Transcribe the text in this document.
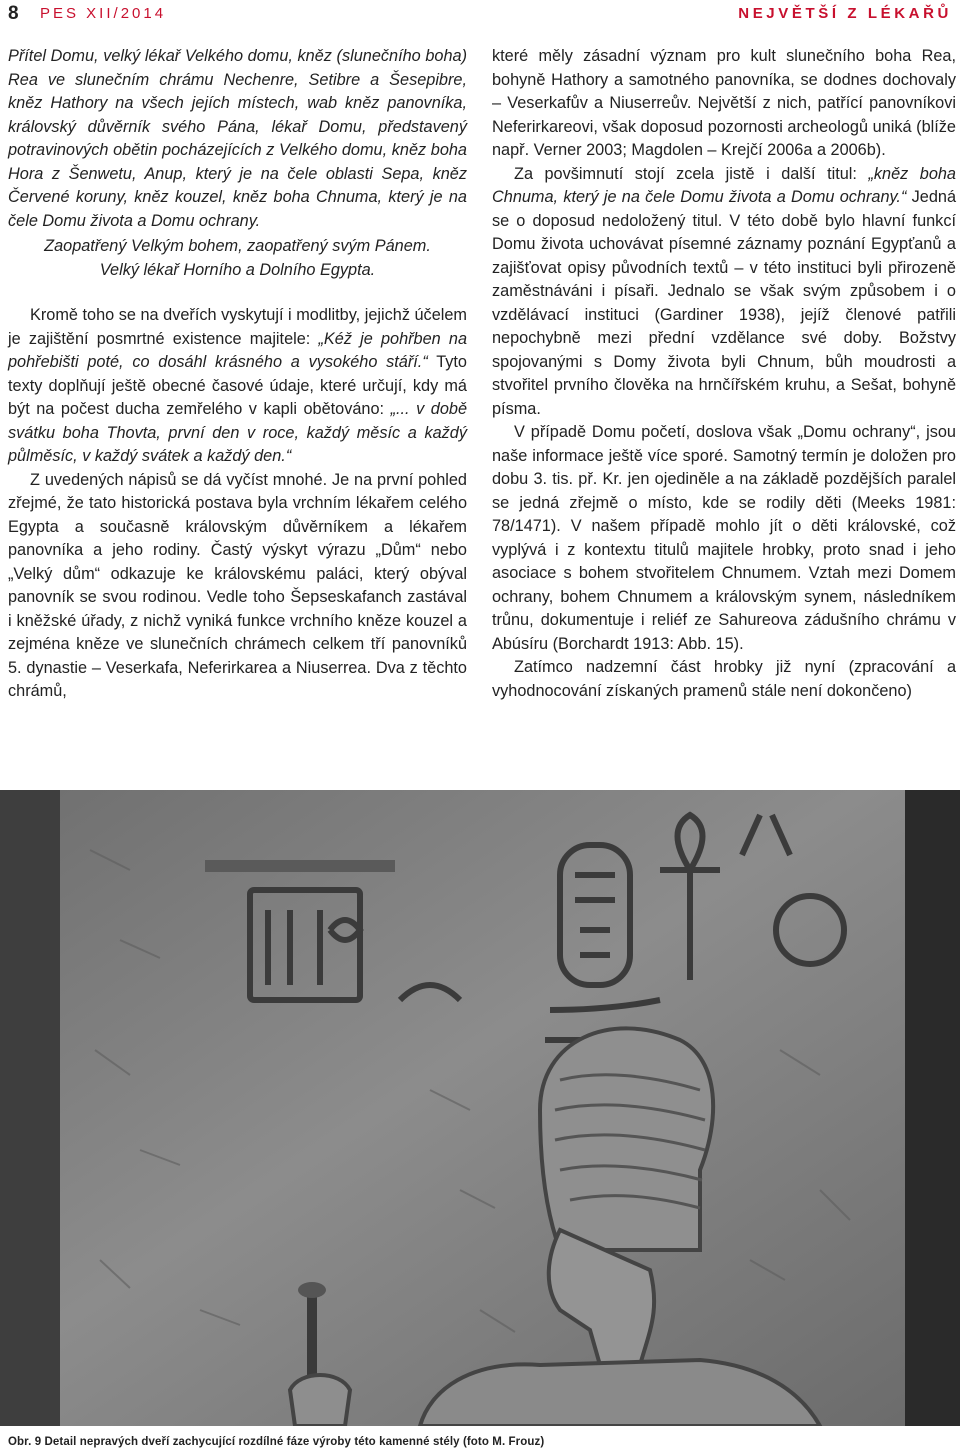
8 PES XII/2014	NEJVĚTŠÍ Z LÉKAŘŮ

Přítel Domu, velký lékař Velkého domu, kněz (slunečního boha) Rea ve slunečním chrámu Nechenre, Setibre a Šesepibre, kněz Hathory na všech jejích místech, wab kněz panovníka, královský důvěrník svého Pána, lékař Domu, představený potravinových obětin pocházejících z Velkého domu, kněz boha Hora z Šenwetu, Anup, který je na čele oblasti Sepa, kněz Červené koruny, kněz kouzel, kněz boha Chnuma, který je na čele Domu života a Domu ochrany.

Zaopatřený Velkým bohem, zaopatřený svým Pánem.

Velký lékař Horního a Dolního Egypta.

Kromě toho se na dveřích vyskytují i modlitby, jejichž účelem je zajištění posmrtné existence majitele: „Kéž je pohřben na pohřebišti poté, co dosáhl krásného a vysokého stáří.“ Tyto texty doplňují ještě obecné časové údaje, které určují, kdy má být na počest ducha zemřelého v kapli obětováno: „... v době svátku boha Thovta, první den v roce, každý měsíc a každý půlměsíc, v každý svátek a každý den.“

Z uvedených nápisů se dá vyčíst mnohé. Je na první pohled zřejmé, že tato historická postava byla vrchním lékařem celého Egypta a současně královským důvěrníkem a lékařem panovníka a jeho rodiny. Častý výskyt výrazu „Dům“ nebo „Velký dům“ odkazuje ke královskému paláci, který obýval panovník se svou rodinou. Vedle toho Šepseskafanch zastával i kněžské úřady, z nichž vyniká funkce vrchního kněze kouzel a zejména kněze ve slunečních chrámech celkem tří panovníků 5. dynastie – Veserkafa, Neferirkarea a Niuserrea. Dva z těchto chrámů,

které měly zásadní význam pro kult slunečního boha Rea, bohyně Hathory a samotného panovníka, se dodnes dochovaly – Veserkafův a Niuserreův. Největší z nich, patřící panovníkovi Neferirkareovi, však doposud pozornosti archeologů uniká (blíže např. Verner 2003; Magdolen – Krejčí 2006a a 2006b).

Za povšimnutí stojí zcela jistě i další titul: „kněz boha Chnuma, který je na čele Domu života a Domu ochrany.“ Jedná se o doposud nedoložený titul. V této době bylo hlavní funkcí Domu života uchovávat písemné záznamy poznání Egypťanů a zajišťovat opisy původních textů – v této instituci byli přirozeně zaměstnáváni i písaři. Jednalo se však svým způsobem i o vzdělávací instituci (Gardiner 1938), jejíž členové patřili nepochybně mezi přední vzdělance své doby. Božstvy spojovanými s Domy života byli Chnum, bůh moudrosti a stvořitel prvního člověka na hrnčířském kruhu, a Sešat, bohyně písma.

V případě Domu početí, doslova však „Domu ochrany“, jsou naše informace ještě více sporé. Samotný termín je doložen pro dobu 3. tis. př. Kr. jen ojediněle a na základě pozdějších paralel se jedná zřejmě o místo, kde se rodily děti (Meeks 1981: 78/1471). V našem případě mohlo jít o děti královské, což vyplývá i z kontextu titulů majitele hrobky, proto snad i jeho asociace s bohem stvořitelem Chnumem. Vztah mezi Domem ochrany, bohem Chnumem a královským synem, následníkem trůnu, dokumentuje i reliéf ze Sahureova zádušního chrámu v Abúsíru (Borchardt 1913: Abb. 15).

Zatímco nadzemní část hrobky již nyní (zpracování a vyhodnocování získaných pramenů stále není dokončeno)

Obr. 9 Detail nepravých dveří zachycující rozdílné fáze výroby této kamenné stély (foto M. Frouz)
